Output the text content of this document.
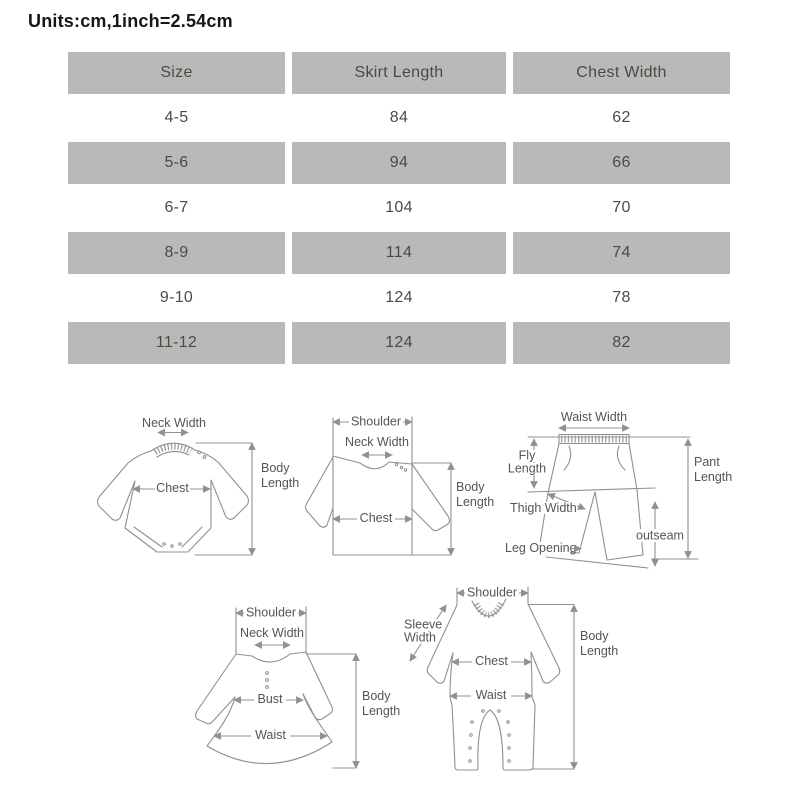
Units:cm,1inch=2.54cm
Size	Skirt Length	Chest Width
4-5	84	62
5-6	94	66
6-7	104	70
8-9	114	74
9-10	124	78
11-12	124	82
Neck Width
Chest
Body
Length
Shoulder
Neck Width
Chest
Body
Length
Waist Width
Fly
Length
Thigh Width
Leg Opening
outseam
Pant
Length
Shoulder
Neck Width
Bust
Waist
Body
Length
Shoulder
Sleeve
Width
Chest
Waist
Body
Length
